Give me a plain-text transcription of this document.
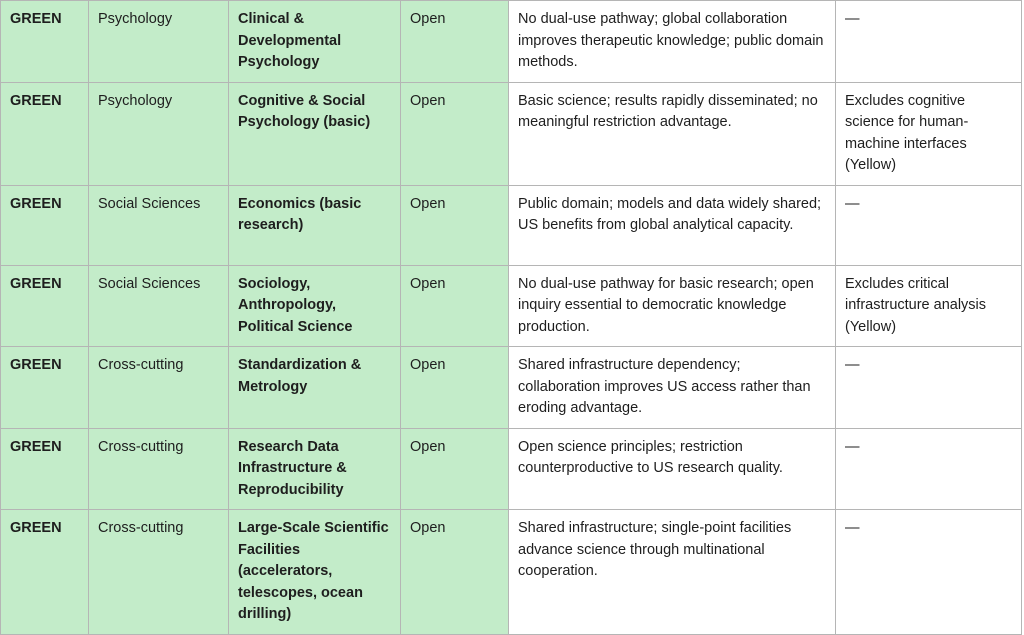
GREEN	Psychology	Clinical & Developmental Psychology	Open	No dual-use pathway; global collaboration improves therapeutic knowledge; public domain methods.	—
GREEN	Psychology	Cognitive & Social Psychology (basic)	Open	Basic science; results rapidly disseminated; no meaningful restriction advantage.	Excludes cognitive science for human-machine interfaces (Yellow)
GREEN	Social Sciences	Economics (basic research)	Open	Public domain; models and data widely shared; US benefits from global analytical capacity.	—
GREEN	Social Sciences	Sociology, Anthropology, Political Science	Open	No dual-use pathway for basic research; open inquiry essential to democratic knowledge production.	Excludes critical infrastructure analysis (Yellow)
GREEN	Cross-cutting	Standardization & Metrology	Open	Shared infrastructure dependency; collaboration improves US access rather than eroding advantage.	—
GREEN	Cross-cutting	Research Data Infrastructure & Reproducibility	Open	Open science principles; restriction counterproductive to US research quality.	—
GREEN	Cross-cutting	Large-Scale Scientific Facilities (accelerators, telescopes, ocean drilling)	Open	Shared infrastructure; single-point facilities advance science through multinational cooperation.	—
